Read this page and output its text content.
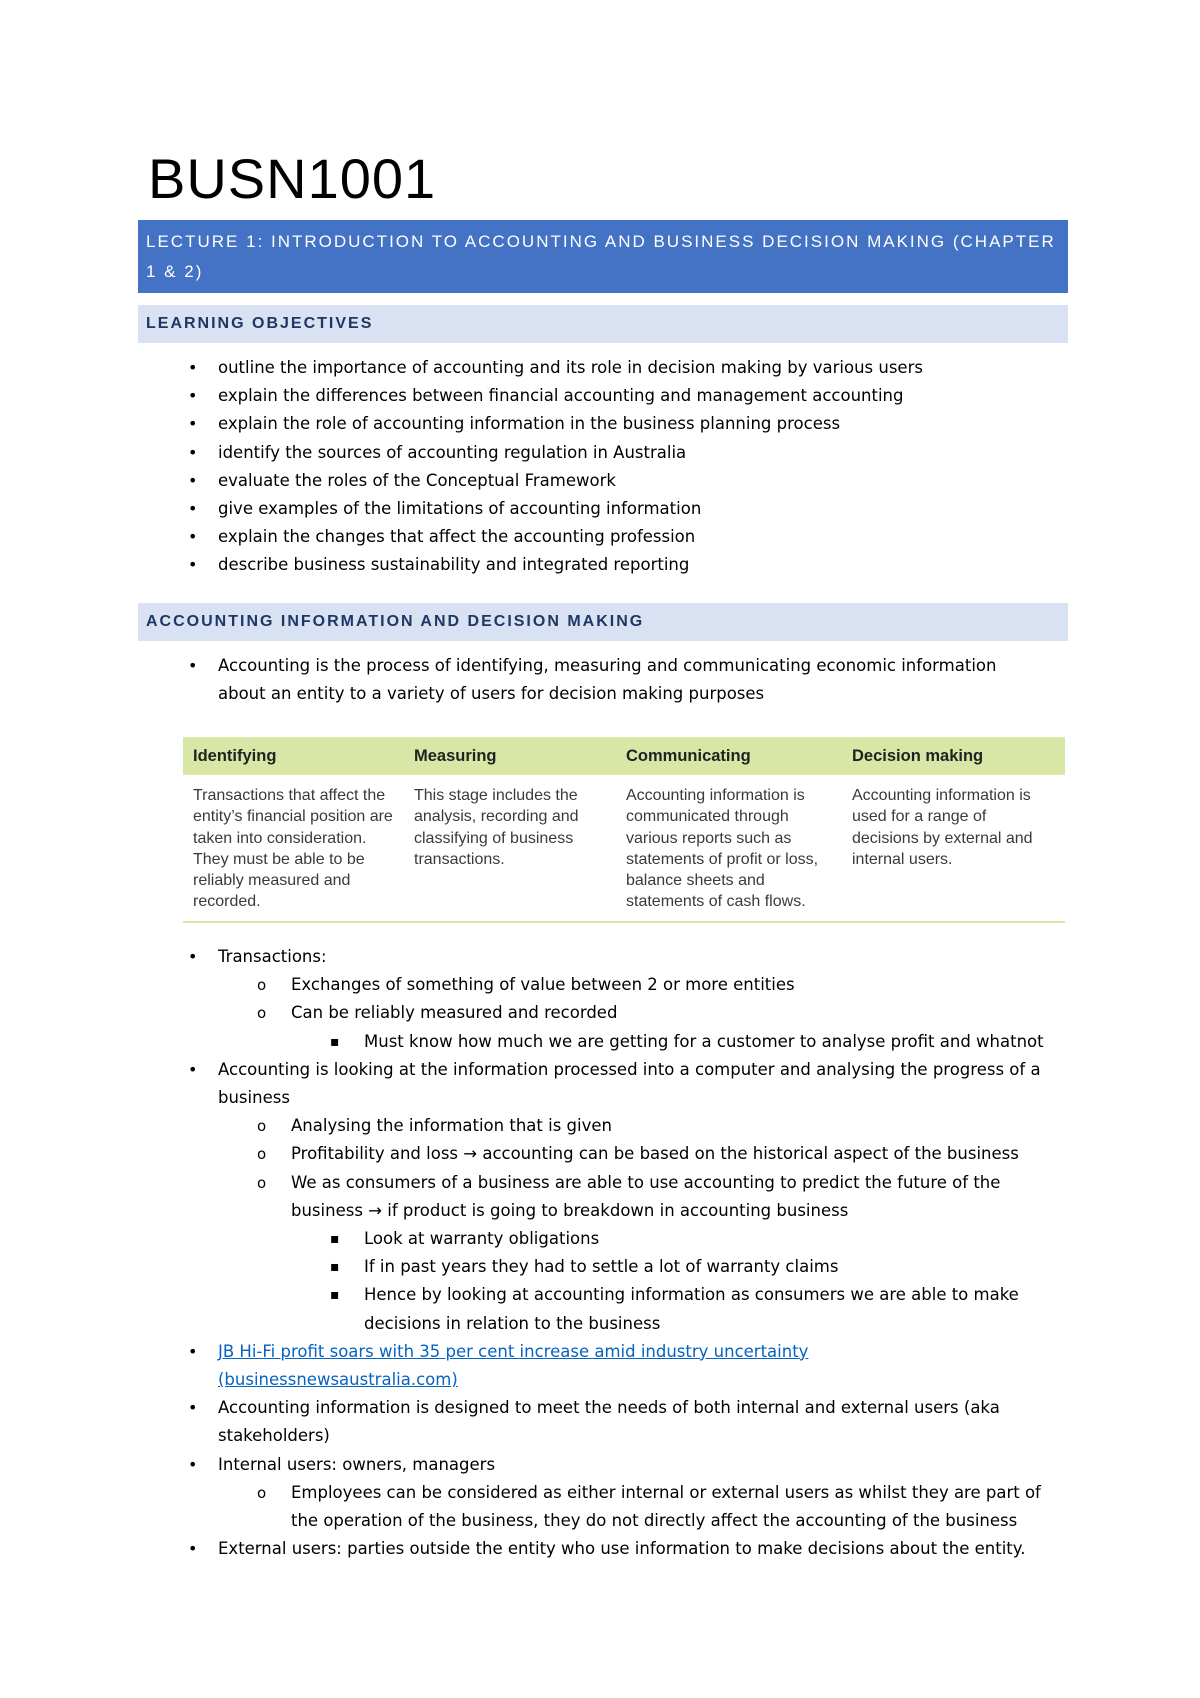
BUSN1001
LECTURE 1: INTRODUCTION TO ACCOUNTING AND BUSINESS DECISION MAKING (CHAPTER 1 & 2)
LEARNING OBJECTIVES
• outline the importance of accounting and its role in decision making by various users
• explain the differences between financial accounting and management accounting
• explain the role of accounting information in the business planning process
• identify the sources of accounting regulation in Australia
• evaluate the roles of the Conceptual Framework
• give examples of the limitations of accounting information
• explain the changes that affect the accounting profession
• describe business sustainability and integrated reporting
ACCOUNTING INFORMATION AND DECISION MAKING
• Accounting is the process of identifying, measuring and communicating economic information about an entity to a variety of users for decision making purposes
Identifying	Measuring	Communicating	Decision making
Transactions that affect the entity’s financial position are taken into consideration. They must be able to be reliably measured and recorded.	This stage includes the analysis, recording and classifying of business transactions.	Accounting information is communicated through various reports such as statements of profit or loss, balance sheets and statements of cash flows.	Accounting information is used for a range of decisions by external and internal users.
• Transactions:
o Exchanges of something of value between 2 or more entities
o Can be reliably measured and recorded
▪ Must know how much we are getting for a customer to analyse profit and whatnot
• Accounting is looking at the information processed into a computer and analysing the progress of a business
o Analysing the information that is given
o Profitability and loss → accounting can be based on the historical aspect of the business
o We as consumers of a business are able to use accounting to predict the future of the business → if product is going to breakdown in accounting business
▪ Look at warranty obligations
▪ If in past years they had to settle a lot of warranty claims
▪ Hence by looking at accounting information as consumers we are able to make decisions in relation to the business
• JB Hi-Fi profit soars with 35 per cent increase amid industry uncertainty (businessnewsaustralia.com)
• Accounting information is designed to meet the needs of both internal and external users (aka stakeholders)
• Internal users: owners, managers
o Employees can be considered as either internal or external users as whilst they are part of the operation of the business, they do not directly affect the accounting of the business
• External users: parties outside the entity who use information to make decisions about the entity.
